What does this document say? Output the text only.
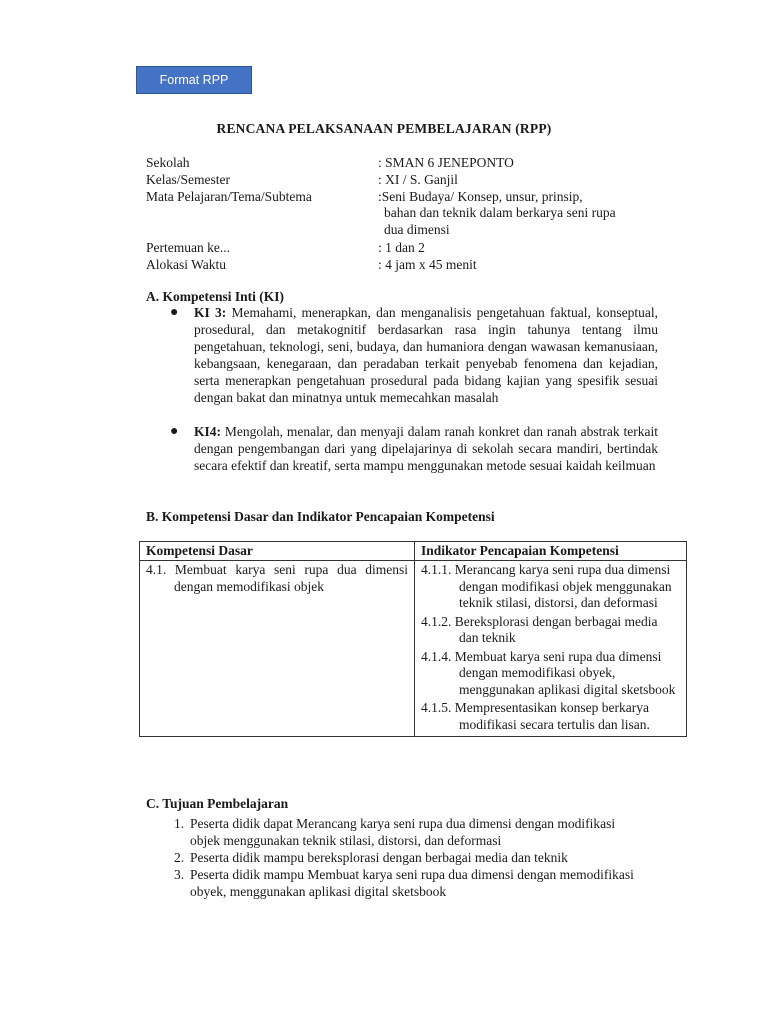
Format RPP
RENCANA PELAKSANAAN PEMBELAJARAN (RPP)
Sekolah	: SMAN 6 JENEPONTO
Kelas/Semester	: XI / S. Ganjil
Mata Pelajaran/Tema/Subtema	:Seni Budaya/ Konsep, unsur, prinsip,
bahan dan teknik dalam berkarya seni rupa
dua dimensi
Pertemuan ke...	: 1 dan 2
Alokasi Waktu	: 4 jam x 45 menit
A. Kompetensi Inti (KI)
● KI 3: Memahami, menerapkan, dan menganalisis pengetahuan faktual, konseptual, prosedural, dan metakognitif berdasarkan rasa ingin tahunya tentang ilmu pengetahuan, teknologi, seni, budaya, dan humaniora dengan wawasan kemanusiaan, kebangsaan, kenegaraan, dan peradaban terkait penyebab fenomena dan kejadian, serta menerapkan pengetahuan prosedural pada bidang kajian yang spesifik sesuai dengan bakat dan minatnya untuk memecahkan masalah
● KI4: Mengolah, menalar, dan menyaji dalam ranah konkret dan ranah abstrak terkait dengan pengembangan dari yang dipelajarinya di sekolah secara mandiri, bertindak secara efektif dan kreatif, serta mampu menggunakan metode sesuai kaidah keilmuan
B. Kompetensi Dasar dan Indikator Pencapaian Kompetensi
Kompetensi Dasar	Indikator Pencapaian Kompetensi

4.1. Membuat karya seni rupa dua dimensi dengan memodifikasi objek	4.1.1. Merancang karya seni rupa dua dimensi dengan modifikasi objek menggunakan teknik stilasi, distorsi, dan deformasi
4.1.2. Bereksplorasi dengan berbagai media dan teknik
4.1.4. Membuat karya seni rupa dua dimensi dengan memodifikasi obyek, menggunakan aplikasi digital sketsbook
4.1.5. Mempresentasikan konsep berkarya modifikasi secara tertulis dan lisan.
C. Tujuan Pembelajaran
1. Peserta didik dapat Merancang karya seni rupa dua dimensi dengan modifikasi objek menggunakan teknik stilasi, distorsi, dan deformasi
2. Peserta didik mampu bereksplorasi dengan berbagai media dan teknik
3. Peserta didik mampu Membuat karya seni rupa dua dimensi dengan memodifikasi obyek, menggunakan aplikasi digital sketsbook
